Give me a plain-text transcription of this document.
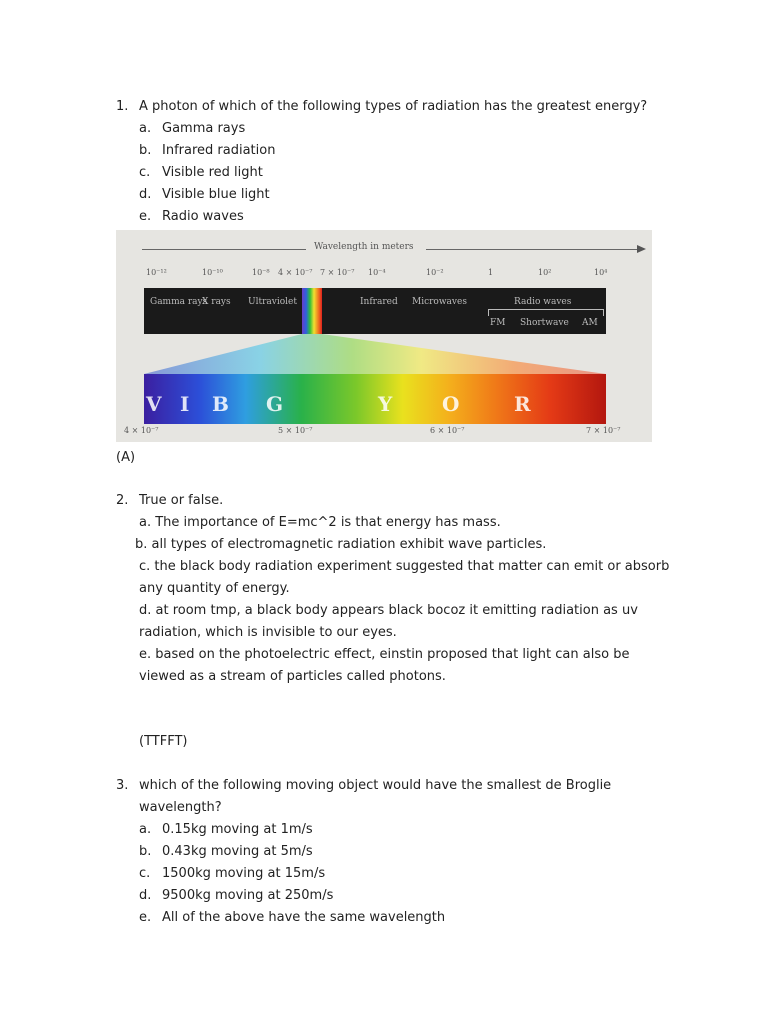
1. A photon of which of the following types of radiation has the greatest energy?
a. Gamma rays
b. Infrared radiation
c. Visible red light
d. Visible blue light
e. Radio waves
Wavelength in meters
10⁻¹²	10⁻¹⁰	10⁻⁸ 4 × 10⁻⁷ 7 × 10⁻⁷ 10⁻⁴	10⁻²	1	10²	10⁴
Gamma rays
X rays Ultraviolet	Infrared Microwaves	Radio waves
FM Shortwave AM
V I B G	Y O	R
4 × 10⁻⁷	5 × 10⁻⁷	6 × 10⁻⁷	7 × 10⁻⁷
(A)
2. True or false.
a. The importance of E=mc^2 is that energy has mass.
b. all types of electromagnetic radiation exhibit wave particles.
c. the black body radiation experiment suggested that matter can emit or absorb
any quantity of energy.
d. at room tmp, a black body appears black bocoz it emitting radiation as uv
radiation, which is invisible to our eyes.
e. based on the photoelectric effect, einstin proposed that light can also be
viewed as a stream of particles called photons.
(TTFFT)
3. which of the following moving object would have the smallest de Broglie
wavelength?
a. 0.15kg moving at 1m/s
b. 0.43kg moving at 5m/s
c. 1500kg moving at 15m/s
d. 9500kg moving at 250m/s
e. All of the above have the same wavelength
